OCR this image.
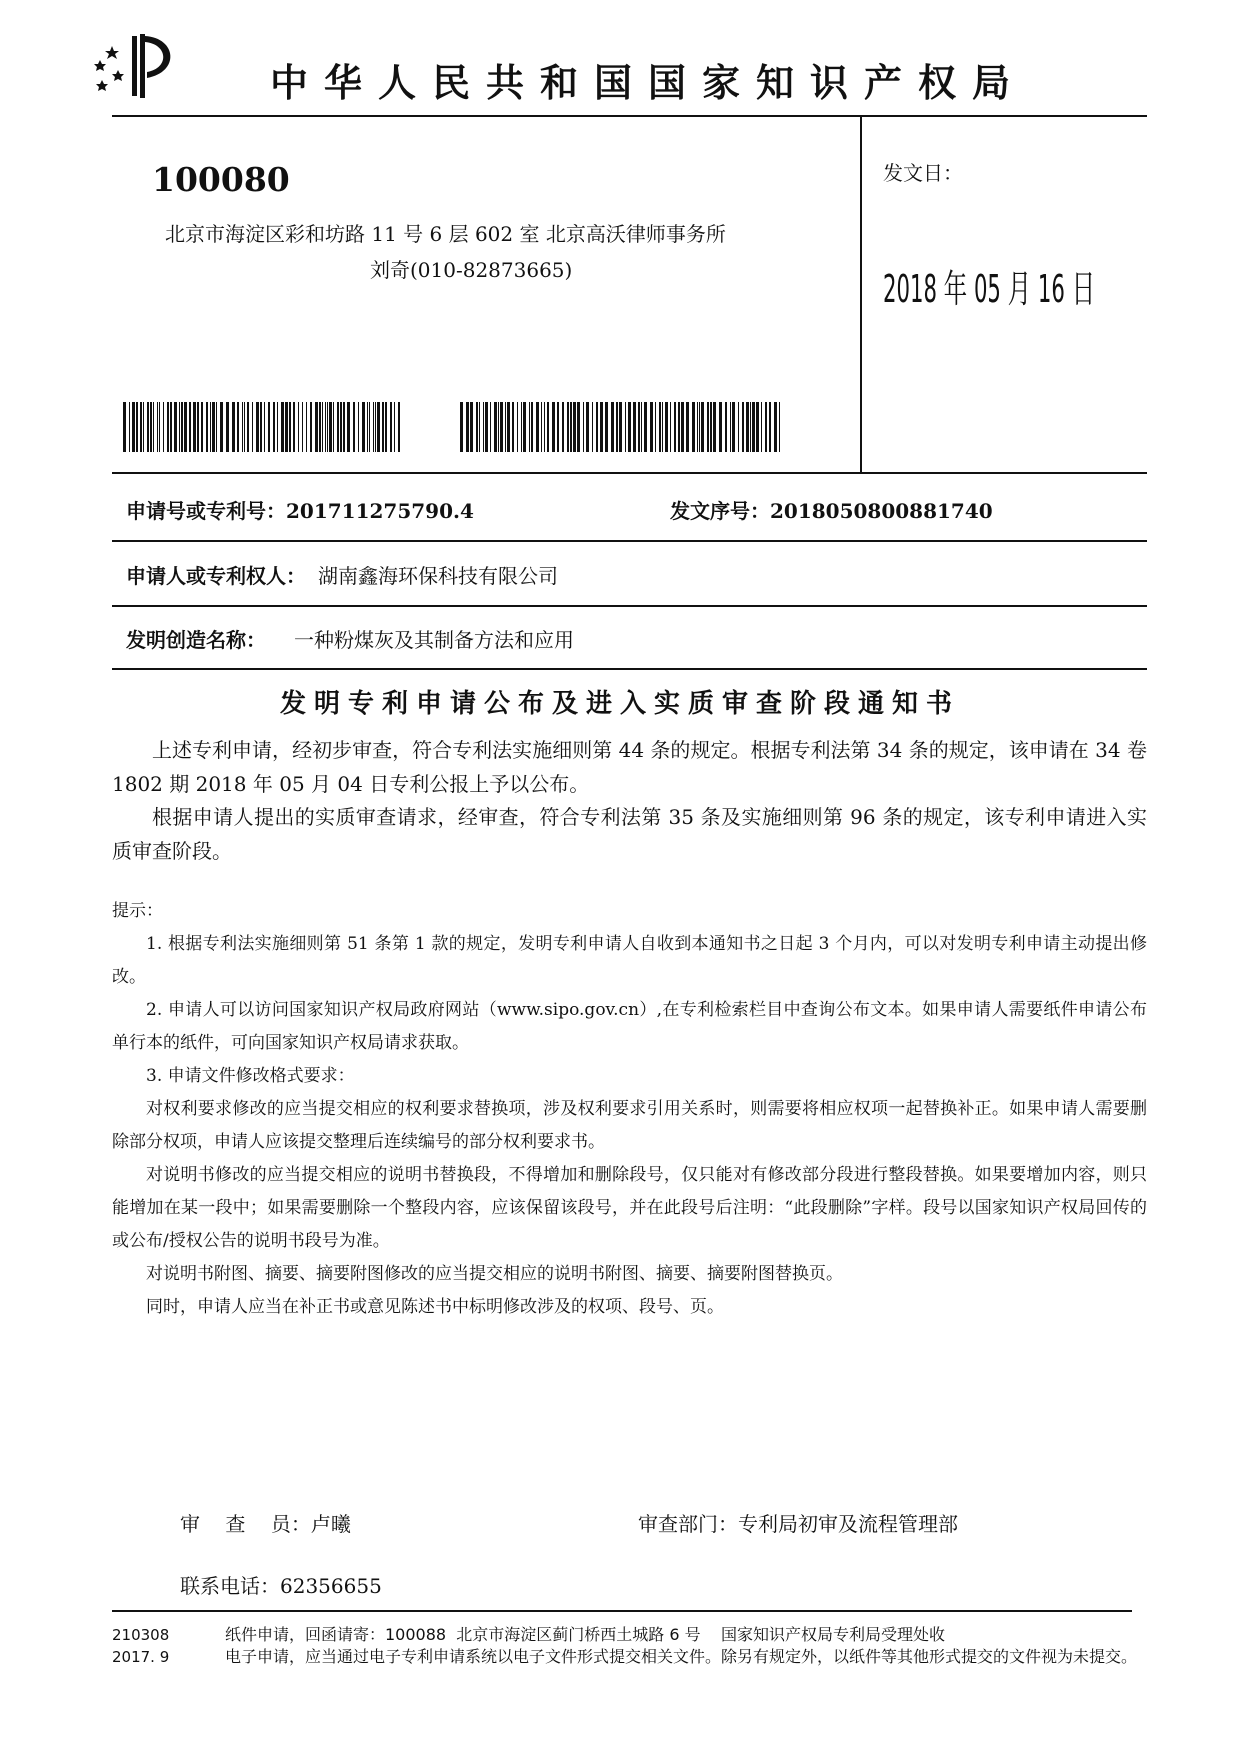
中华人民共和国国家知识产权局
100080
北京市海淀区彩和坊路 11 号 6 层 602 室 北京高沃律师事务所
刘奇(010-82873665)
发文日：
2018 年 05 月 16 日
申请号或专利号：201711275790.4	发文序号：2018050800881740
申请人或专利权人： 湖南鑫海环保科技有限公司
发明创造名称： 一种粉煤灰及其制备方法和应用
发明专利申请公布及进入实质审查阶段通知书
上述专利申请，经初步审查，符合专利法实施细则第 44 条的规定。根据专利法第 34 条的规定，该申请在 34 卷 1802 期 2018 年 05 月 04 日专利公报上予以公布。
根据申请人提出的实质审查请求，经审查，符合专利法第 35 条及实施细则第 96 条的规定，该专利申请进入实质审查阶段。

提示：

1. 根据专利法实施细则第 51 条第 1 款的规定，发明专利申请人自收到本通知书之日起 3 个月内，可以对发明专利申请主动提出修改。

2. 申请人可以访问国家知识产权局政府网站（www.sipo.gov.cn）,在专利检索栏目中查询公布文本。如果申请人需要纸件申请公布单行本的纸件，可向国家知识产权局请求获取。

3. 申请文件修改格式要求：

对权利要求修改的应当提交相应的权利要求替换项，涉及权利要求引用关系时，则需要将相应权项一起替换补正。如果申请人需要删除部分权项，申请人应该提交整理后连续编号的部分权利要求书。

对说明书修改的应当提交相应的说明书替换段，不得增加和删除段号，仅只能对有修改部分段进行整段替换。如果要增加内容，则只能增加在某一段中；如果需要删除一个整段内容，应该保留该段号，并在此段号后注明：“此段删除”字样。段号以国家知识产权局回传的或公布/授权公告的说明书段号为准。

对说明书附图、摘要、摘要附图修改的应当提交相应的说明书附图、摘要、摘要附图替换页。

同时，申请人应当在补正书或意见陈述书中标明修改涉及的权项、段号、页。

审    查    员：卢曦	审查部门：专利局初审及流程管理部
联系电话：62356655
210308
2017. 9
纸件申请，回函请寄：100088  北京市海淀区蓟门桥西土城路 6 号    国家知识产权局专利局受理处收
电子申请，应当通过电子专利申请系统以电子文件形式提交相关文件。除另有规定外，以纸件等其他形式提交的文件视为未提交。
